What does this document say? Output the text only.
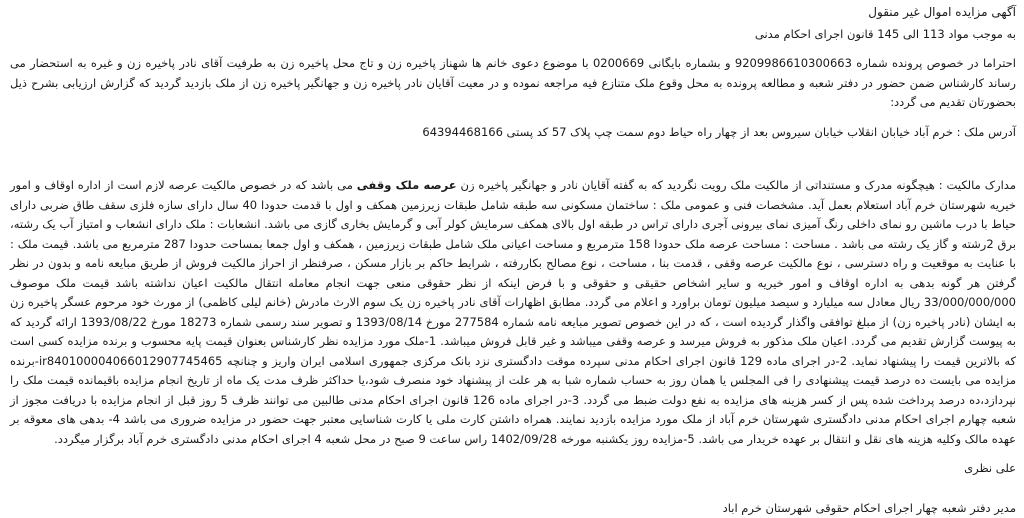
آگهی مزایده اموال غیر منقول

به موجب مواد 113 الی 145 قانون اجرای احکام مدنی

احتراما در خصوص پرونده شماره 9209986610300663 و بشماره بایگانی 0200669 با موضوع دعوی خانم ها شهناز پاخیره زن و تاج محل پاخیره زن به طرفیت آقای نادر پاخیره زن و غیره به استحضار می رساند کارشناس ضمن حضور در دفتر شعبه و مطالعه پرونده به محل وقوع ملک متنازع فیه مراجعه نموده و در معیت آقایان نادر پاخیره زن و جهانگیر پاخیره زن از ملک بازدید گردید که گزارش ارزیابی بشرح ذیل بحضورتان تقدیم می گردد:

آدرس ملک : خرم آباد خیابان انقلاب خیابان سیروس بعد از چهار راه حیاط دوم سمت چپ پلاک 57 کد پستی 64394468166

مدارک مالکیت : هیچگونه مدرک و مستنداتی از مالکیت ملک رویت نگردید که به گفته آقایان نادر و جهانگیر پاخیره زن عرصه ملک وقفی می باشد که در خصوص مالکیت عرصه لازم است از اداره اوقاف و امور خیریه شهرستان خرم آباد استعلام بعمل آید. مشخصات فنی و عمومی ملک : ساختمان مسکونی سه طبقه شامل طبقات زیرزمین همکف و اول با قدمت حدودا 40 سال دارای سازه فلزی سقف طاق ضربی دارای حیاط با درب ماشین رو نمای داخلی رنگ آمیزی نمای بیرونی آجری دارای تراس در طبقه اول بالای همکف سرمایش کولر آبی و گرمایش بخاری گازی می باشد. انشعابات : ملک دارای انشعاب و امتیاز آب یک رشته، برق 2رشته و گاز یک رشته می باشد . مساحت : مساحت عرصه ملک حدودا 158 مترمربع و مساحت اعیانی ملک شامل طبقات زیرزمین ، همکف و اول جمعا بمساحت حدودا 287 مترمربع می باشد. قیمت ملک : با عنایت به موقعیت و راه دسترسی ، نوع مالکیت عرصه وقفی ، قدمت بنا ، مساحت ، نوع مصالح بکاررفته ، شرایط حاکم بر بازار مسکن ، صرفنظر از احراز مالکیت فروش از طریق مبایعه نامه و بدون در نظر گرفتن هر گونه بدهی به اداره اوقاف و امور خیریه و سایر اشخاص حقیقی و حقوقی و با فرض اینکه از نظر حقوقی منعی جهت انجام معامله انتقال مالکیت اعیان نداشته باشد قیمت ملک موصوف 33/000/000/000 ریال معادل سه میلیارد و سیصد میلیون تومان براورد و اعلام می گردد. مطابق اظهارات آقای نادر پاخیره زن یک سوم الارث مادرش (خانم لیلی کاظمی) از مورث خود مرحوم عسگر پاخیره زن به ایشان (نادر پاخیره زن) از مبلغ توافقی واگذار گردیده است ، که در این خصوص تصویر مبایعه نامه شماره 277584 مورخ 1393/08/14 و تصویر سند رسمی شماره 18273 مورخ 1393/08/22 ارائه گردید که به پیوست گزارش تقدیم می گردد. اعیان ملک مذکور به فروش میرسد و عرصه وقفی میباشد و غیر قابل فروش میباشد. 1-ملک مورد مزایده نظر کارشناس بعنوان قیمت پایه محسوب و برنده مزایده کسی است که بالاترین قیمت را پیشنهاد نماید. 2-در اجرای ماده 129 قانون اجرای احکام مدنی سپرده موقت دادگستری نزد بانک مرکزی جمهوری اسلامی ایران واریز و چنانچه ir840100004066012907745465-برنده مزایده می بایست ده درصد قیمت پیشنهادی را فی المجلس یا همان روز به حساب شماره شبا به هر علت از پیشنهاد خود منصرف شود،یا حداکثر ظرف مدت یک ماه از تاریخ انجام مزایده باقیمانده قیمت ملک را نپردازد،ده درصد پرداخت شده پس از کسر هزینه های مزایده به نفع دولت ضبط می گردد. 3-در اجرای ماده 126 قانون اجرای احکام مدنی طالبین می توانند ظرف 5 روز قبل از انجام مزایده با دریافت مجوز از شعبه چهارم اجرای احکام مدنی دادگستری شهرستان خرم آباد از ملک مورد مزایده بازدید نمایند. همراه داشتن کارت ملی یا کارت شناسایی معتبر جهت حضور در مزایده ضروری می باشد 4- بدهی های معوقه بر عهده مالک وکلیه هزینه های نقل و انتقال بر عهده خریدار می باشد. 5-مزایده روز یکشنبه مورخه 1402/09/28 راس ساعت 9 صبح در محل شعبه 4 اجرای احکام مدنی دادگستری خرم آباد برگزار میگردد.

علی نظری

مدیر دفتر شعبه چهار اجرای احکام حقوقی شهرستان خرم اباد
